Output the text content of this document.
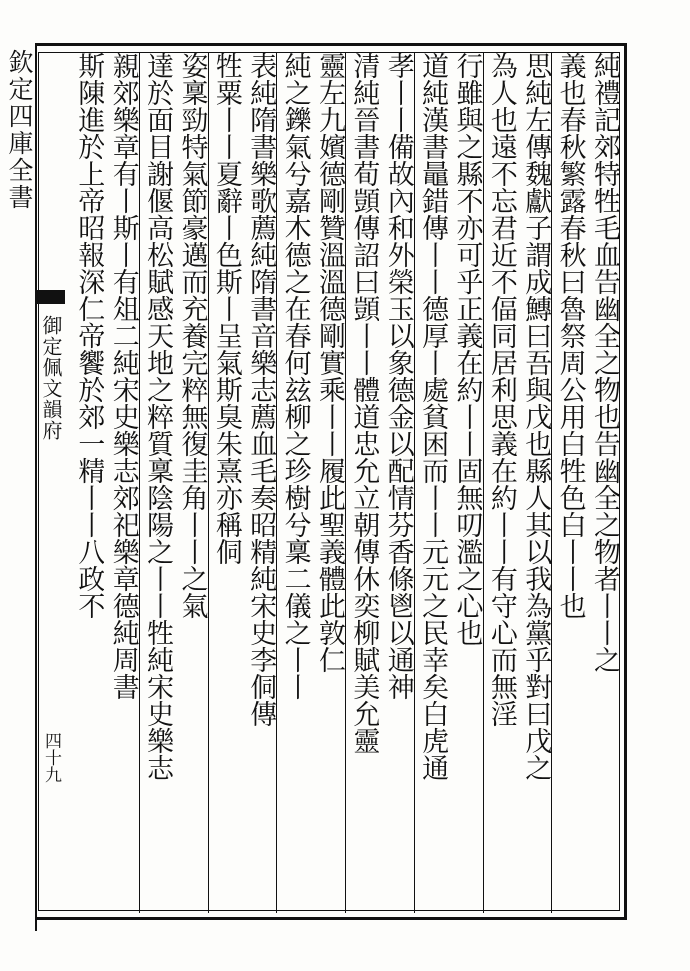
欽定四庫全書
御定佩文韻府
四十九
純禮記郊特牲毛血告幽全之物也告幽全之物者丨丨之
義也春秋繁露春秋曰魯祭周公用白牲色白丨丨也
思純左傳魏獻子謂成鱄曰吾與戊也縣人其以我為黨乎對曰戊之
為人也遠不忘君近不偪同居利思義在約丨丨有守心而無淫
行雖與之縣不亦可乎正義在約丨丨固無叨濫之心也
道純漢書鼂錯傳丨丨德厚丨處貧困而丨丨元元之民幸矣白虎通
孝丨丨備故內和外榮玉以象德金以配情芬香條鬯以通神
清純晉書荀顗傳詔曰顗丨丨體道忠允立朝傳休奕柳賦美允靈
靈左九嬪德剛贊溫溫德剛實乘丨丨履此聖義體此敦仁
純之鑠氣兮嘉木德之在春何玆柳之珍樹兮稟二儀之丨丨
表純隋書樂歌薦純隋書音樂志薦血毛奏昭精純宋史李侗傳
牲粟丨丨夏辭丨色斯丨呈氣斯臭朱熹亦稱侗
姿稟勁特氣節豪邁而充養完粹無復圭角丨丨之氣
達於面目謝偃高松賦感天地之粹質稟陰陽之丨丨牲純宋史樂志
親郊樂章有丨斯丨有俎二純宋史樂志郊祀樂章德純周書
斯陳進於上帝昭報深仁帝饗於郊一精丨丨八政不
